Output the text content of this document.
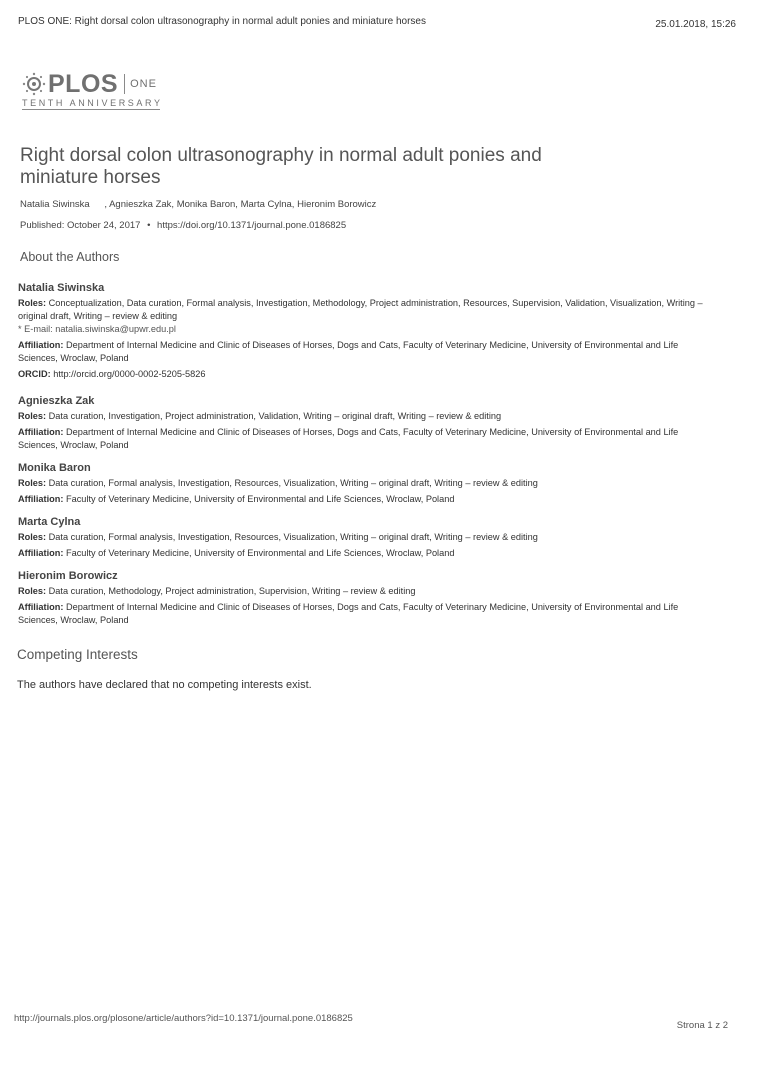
PLOS ONE: Right dorsal colon ultrasonography in normal adult ponies and miniature horses	25.01.2018, 15:26
PLOS ONE
TENTH ANNIVERSARY
Right dorsal colon ultrasonography in normal adult ponies and miniature horses
Natalia Siwinska , Agnieszka Zak, Monika Baron, Marta Cylna, Hieronim Borowicz
Published: October 24, 2017 • https://doi.org/10.1371/journal.pone.0186825
About the Authors
Natalia Siwinska
Roles: Conceptualization, Data curation, Formal analysis, Investigation, Methodology, Project administration, Resources, Supervision, Validation, Visualization, Writing – original draft, Writing – review & editing
* E-mail: natalia.siwinska@upwr.edu.pl
Affiliation: Department of Internal Medicine and Clinic of Diseases of Horses, Dogs and Cats, Faculty of Veterinary Medicine, University of Environmental and Life Sciences, Wroclaw, Poland
ORCID: http://orcid.org/0000-0002-5205-5826
Agnieszka Zak
Roles: Data curation, Investigation, Project administration, Validation, Writing – original draft, Writing – review & editing
Affiliation: Department of Internal Medicine and Clinic of Diseases of Horses, Dogs and Cats, Faculty of Veterinary Medicine, University of Environmental and Life Sciences, Wroclaw, Poland
Monika Baron
Roles: Data curation, Formal analysis, Investigation, Resources, Visualization, Writing – original draft, Writing – review & editing
Affiliation: Faculty of Veterinary Medicine, University of Environmental and Life Sciences, Wroclaw, Poland
Marta Cylna
Roles: Data curation, Formal analysis, Investigation, Resources, Visualization, Writing – original draft, Writing – review & editing
Affiliation: Faculty of Veterinary Medicine, University of Environmental and Life Sciences, Wroclaw, Poland
Hieronim Borowicz
Roles: Data curation, Methodology, Project administration, Supervision, Writing – review & editing
Affiliation: Department of Internal Medicine and Clinic of Diseases of Horses, Dogs and Cats, Faculty of Veterinary Medicine, University of Environmental and Life Sciences, Wroclaw, Poland
Competing Interests
The authors have declared that no competing interests exist.
http://journals.plos.org/plosone/article/authors?id=10.1371/journal.pone.0186825
Strona 1 z 2
